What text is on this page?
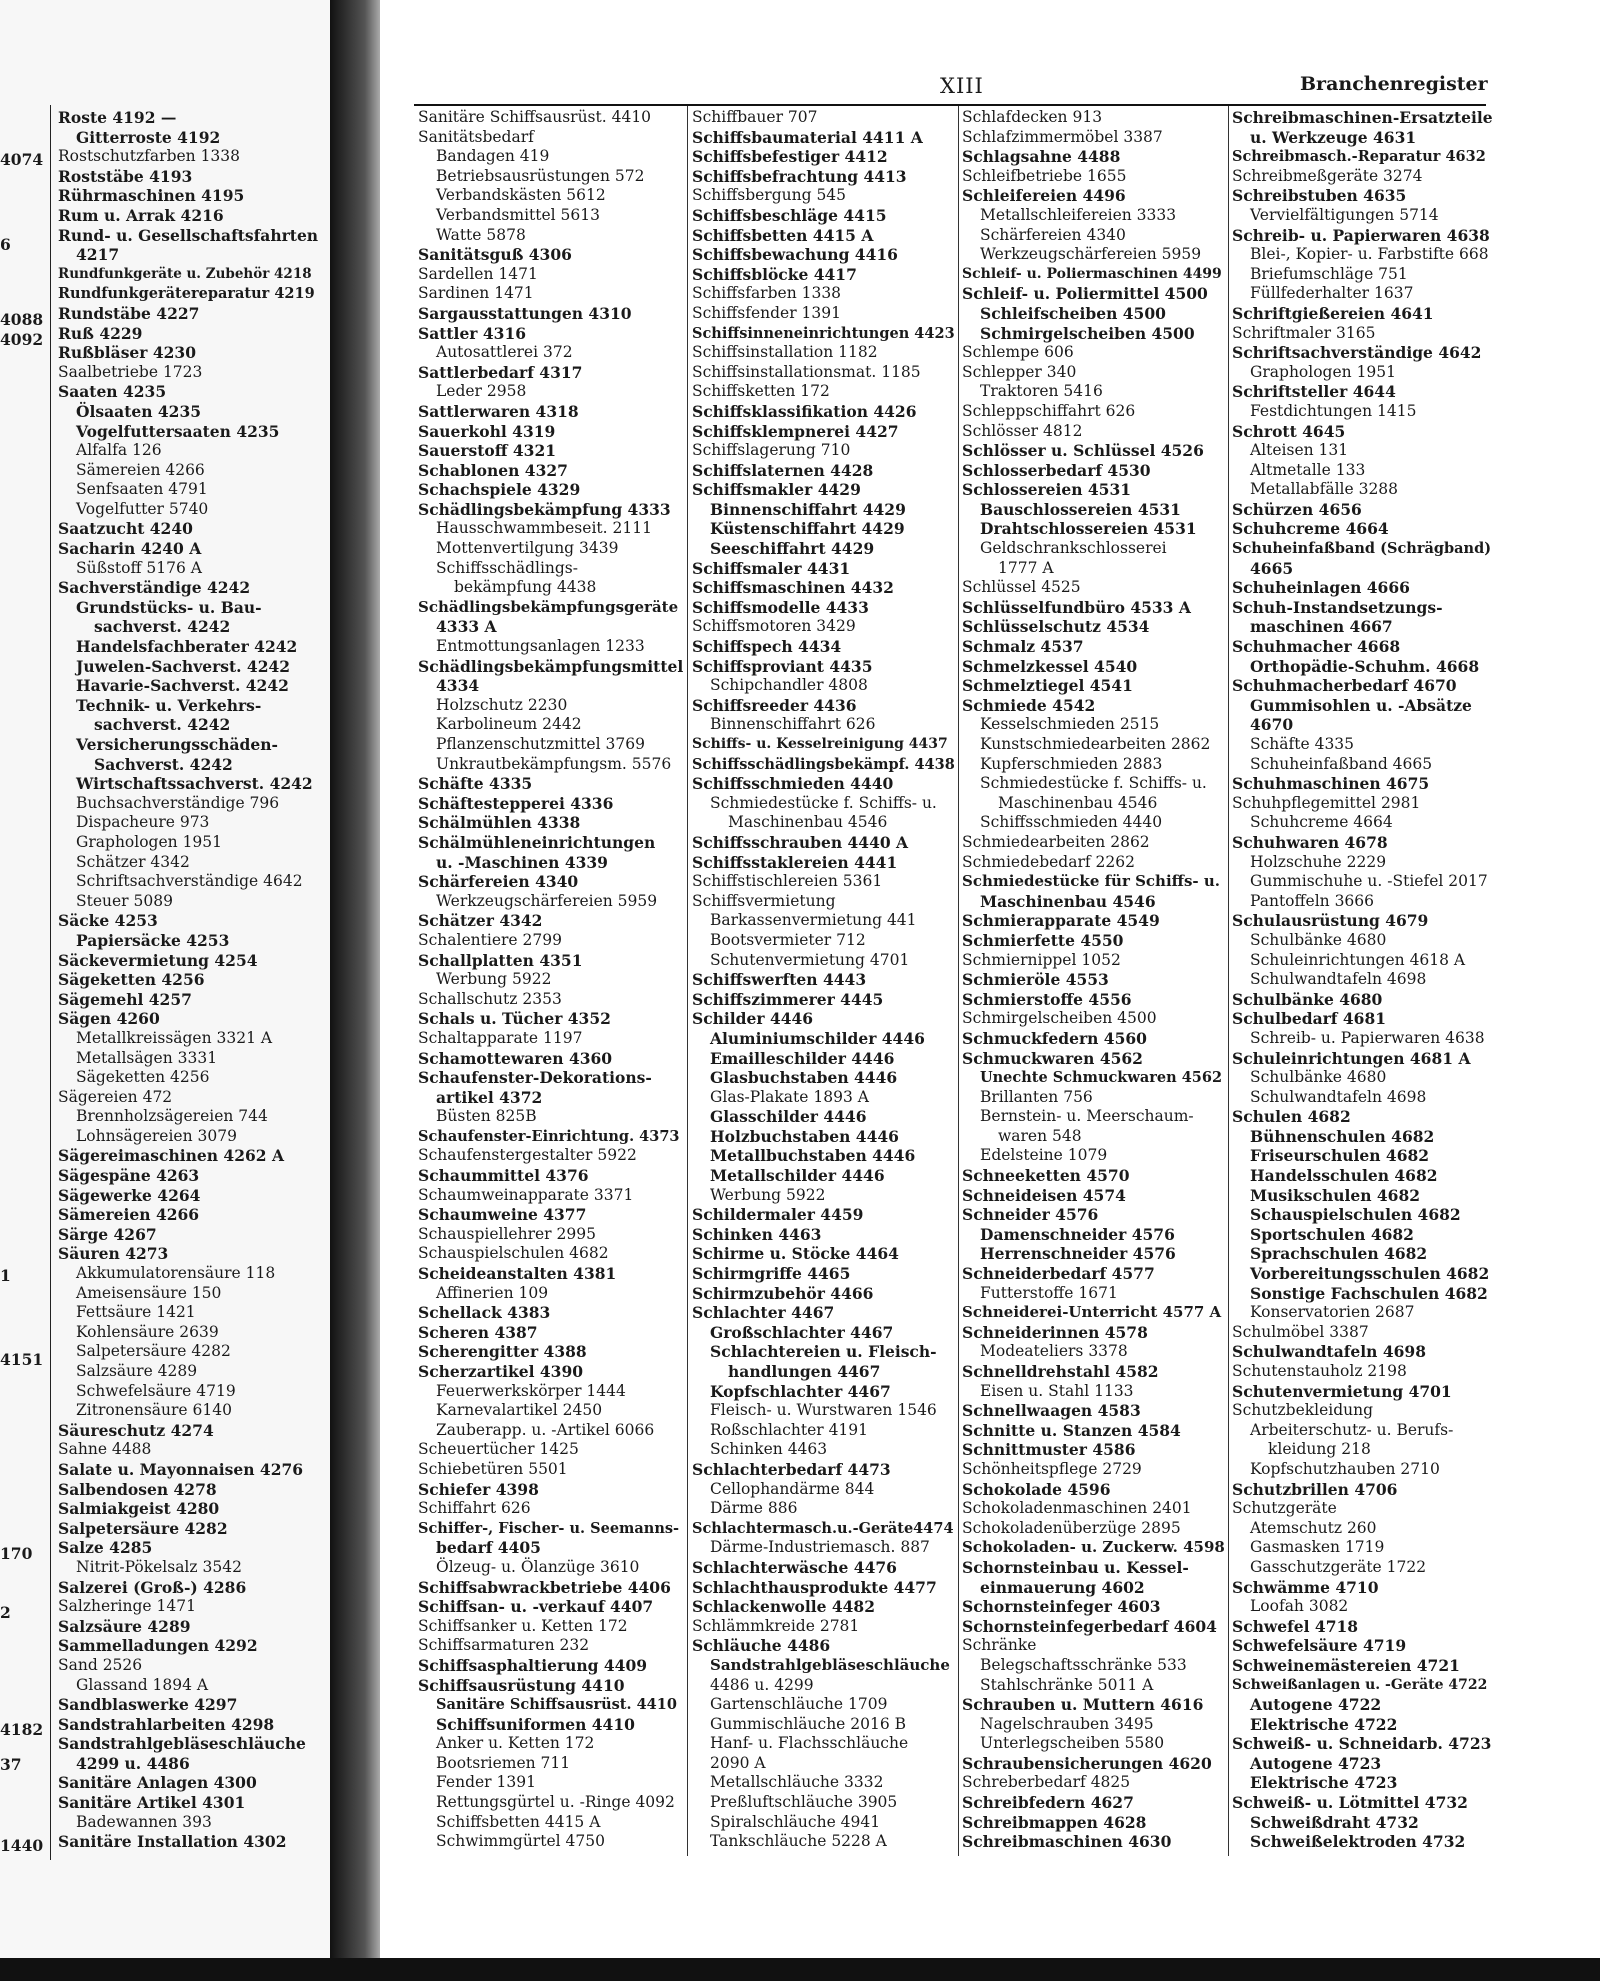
4074
6
4088
4092
1
4151
170
2
4182
37
1440
XIII	Branchenregister
Roste 4192 —
Gitterroste 4192
Rostschutzfarben 1338
Roststäbe 4193
Rührmaschinen 4195
Rum u. Arrak 4216
Rund- u. Gesellschaftsfahrten
4217
Rundfunkgeräte u. Zubehör 4218
Rundfunkgerätereparatur 4219
Rundstäbe 4227
Ruß 4229
Rußbläser 4230
Saalbetriebe 1723
Saaten 4235
Ölsaaten 4235
Vogelfuttersaaten 4235
Alfalfa 126
Sämereien 4266
Senfsaaten 4791
Vogelfutter 5740
Saatzucht 4240
Sacharin 4240 A
Süßstoff 5176 A
Sachverständige 4242
Grundstücks- u. Bau-
sachverst. 4242
Handelsfachberater 4242
Juwelen-Sachverst. 4242
Havarie-Sachverst. 4242
Technik- u. Verkehrs-
sachverst. 4242
Versicherungsschäden-
Sachverst. 4242
Wirtschaftssachverst. 4242
Buchsachverständige 796
Dispacheure 973
Graphologen 1951
Schätzer 4342
Schriftsachverständige 4642
Steuer 5089
Säcke 4253
Papiersäcke 4253
Säckevermietung 4254
Sägeketten 4256
Sägemehl 4257
Sägen 4260
Metallkreissägen 3321 A
Metallsägen 3331
Sägeketten 4256
Sägereien 472
Brennholzsägereien 744
Lohnsägereien 3079
Sägereimaschinen 4262 A
Sägespäne 4263
Sägewerke 4264
Sämereien 4266
Särge 4267
Säuren 4273
Akkumulatorensäure 118
Ameisensäure 150
Fettsäure 1421
Kohlensäure 2639
Salpetersäure 4282
Salzsäure 4289
Schwefelsäure 4719
Zitronensäure 6140
Säureschutz 4274
Sahne 4488
Salate u. Mayonnaisen 4276
Salbendosen 4278
Salmiakgeist 4280
Salpetersäure 4282
Salze 4285
Nitrit-Pökelsalz 3542
Salzerei (Groß-) 4286
Salzheringe 1471
Salzsäure 4289
Sammelladungen 4292
Sand 2526
Glassand 1894 A
Sandblaswerke 4297
Sandstrahlarbeiten 4298
Sandstrahlgebläseschläuche
4299 u. 4486
Sanitäre Anlagen 4300
Sanitäre Artikel 4301
Badewannen 393
Sanitäre Installation 4302
Sanitäre Schiffsausrüst. 4410
Sanitätsbedarf
Bandagen 419
Betriebsausrüstungen 572
Verbandskästen 5612
Verbandsmittel 5613
Watte 5878
Sanitätsguß 4306
Sardellen 1471
Sardinen 1471
Sargausstattungen 4310
Sattler 4316
Autosattlerei 372
Sattlerbedarf 4317
Leder 2958
Sattlerwaren 4318
Sauerkohl 4319
Sauerstoff 4321
Schablonen 4327
Schachspiele 4329
Schädlingsbekämpfung 4333
Hausschwammbeseit. 2111
Mottenvertilgung 3439
Schiffsschädlings-
bekämpfung 4438
Schädlingsbekämpfungsgeräte
4333 A
Entmottungsanlagen 1233
Schädlingsbekämpfungsmittel
4334
Holzschutz 2230
Karbolineum 2442
Pflanzenschutzmittel 3769
Unkrautbekämpfungsm. 5576
Schäfte 4335
Schäftestepperei 4336
Schälmühlen 4338
Schälmühleneinrichtungen
u. -Maschinen 4339
Schärfereien 4340
Werkzeugschärfereien 5959
Schätzer 4342
Schalentiere 2799
Schallplatten 4351
Werbung 5922
Schallschutz 2353
Schals u. Tücher 4352
Schaltapparate 1197
Schamottewaren 4360
Schaufenster-Dekorations-
artikel 4372
Büsten 825B
Schaufenster-Einrichtung. 4373
Schaufenstergestalter 5922
Schaummittel 4376
Schaumweinapparate 3371
Schaumweine 4377
Schauspiellehrer 2995
Schauspielschulen 4682
Scheideanstalten 4381
Affinerien 109
Schellack 4383
Scheren 4387
Scherengitter 4388
Scherzartikel 4390
Feuerwerkskörper 1444
Karnevalartikel 2450
Zauberapp. u. -Artikel 6066
Scheuertücher 1425
Schiebetüren 5501
Schiefer 4398
Schiffahrt 626
Schiffer-, Fischer- u. Seemanns-
bedarf 4405
Ölzeug- u. Ölanzüge 3610
Schiffsabwrackbetriebe 4406
Schiffsan- u. -verkauf 4407
Schiffsanker u. Ketten 172
Schiffsarmaturen 232
Schiffsasphaltierung 4409
Schiffsausrüstung 4410
Sanitäre Schiffsausrüst. 4410
Schiffsuniformen 4410
Anker u. Ketten 172
Bootsriemen 711
Fender 1391
Rettungsgürtel u. -Ringe 4092
Schiffsbetten 4415 A
Schwimmgürtel 4750
Schiffbauer 707
Schiffsbaumaterial 4411 A
Schiffsbefestiger 4412
Schiffsbefrachtung 4413
Schiffsbergung 545
Schiffsbeschläge 4415
Schiffsbetten 4415 A
Schiffsbewachung 4416
Schiffsblöcke 4417
Schiffsfarben 1338
Schiffsfender 1391
Schiffsinneneinrichtungen 4423
Schiffsinstallation 1182
Schiffsinstallationsmat. 1185
Schiffsketten 172
Schiffsklassifikation 4426
Schiffsklempnerei 4427
Schiffslagerung 710
Schiffslaternen 4428
Schiffsmakler 4429
Binnenschiffahrt 4429
Küstenschiffahrt 4429
Seeschiffahrt 4429
Schiffsmaler 4431
Schiffsmaschinen 4432
Schiffsmodelle 4433
Schiffsmotoren 3429
Schiffspech 4434
Schiffsproviant 4435
Schipchandler 4808
Schiffsreeder 4436
Binnenschiffahrt 626
Schiffs- u. Kesselreinigung 4437
Schiffsschädlingsbekämpf. 4438
Schiffsschmieden 4440
Schmiedestücke f. Schiffs- u.
Maschinenbau 4546
Schiffsschrauben 4440 A
Schiffsstaklereien 4441
Schiffstischlereien 5361
Schiffsvermietung
Barkassenvermietung 441
Bootsvermieter 712
Schutenvermietung 4701
Schiffswerften 4443
Schiffszimmerer 4445
Schilder 4446
Aluminiumschilder 4446
Emailleschilder 4446
Glasbuchstaben 4446
Glas-Plakate 1893 A
Glasschilder 4446
Holzbuchstaben 4446
Metallbuchstaben 4446
Metallschilder 4446
Werbung 5922
Schildermaler 4459
Schinken 4463
Schirme u. Stöcke 4464
Schirmgriffe 4465
Schirmzubehör 4466
Schlachter 4467
Großschlachter 4467
Schlachtereien u. Fleisch-
handlungen 4467
Kopfschlachter 4467
Fleisch- u. Wurstwaren 1546
Roßschlachter 4191
Schinken 4463
Schlachterbedarf 4473
Cellophandärme 844
Därme 886
Schlachtermasch.u.-Geräte4474
Därme-Industriemasch. 887
Schlachterwäsche 4476
Schlachthausprodukte 4477
Schlackenwolle 4482
Schlämmkreide 2781
Schläuche 4486
Sandstrahlgebläseschläuche
4486 u. 4299
Gartenschläuche 1709
Gummischläuche 2016 B
Hanf- u. Flachsschläuche
2090 A
Metallschläuche 3332
Preßluftschläuche 3905
Spiralschläuche 4941
Tankschläuche 5228 A
Schlafdecken 913
Schlafzimmermöbel 3387
Schlagsahne 4488
Schleifbetriebe 1655
Schleifereien 4496
Metallschleifereien 3333
Schärfereien 4340
Werkzeugschärfereien 5959
Schleif- u. Poliermaschinen 4499
Schleif- u. Poliermittel 4500
Schleifscheiben 4500
Schmirgelscheiben 4500
Schlempe 606
Schlepper 340
Traktoren 5416
Schleppschiffahrt 626
Schlösser 4812
Schlösser u. Schlüssel 4526
Schlosserbedarf 4530
Schlossereien 4531
Bauschlossereien 4531
Drahtschlossereien 4531
Geldschrankschlosserei
1777 A
Schlüssel 4525
Schlüsselfundbüro 4533 A
Schlüsselschutz 4534
Schmalz 4537
Schmelzkessel 4540
Schmelztiegel 4541
Schmiede 4542
Kesselschmieden 2515
Kunstschmiedearbeiten 2862
Kupferschmieden 2883
Schmiedestücke f. Schiffs- u.
Maschinenbau 4546
Schiffsschmieden 4440
Schmiedearbeiten 2862
Schmiedebedarf 2262
Schmiedestücke für Schiffs- u.
Maschinenbau 4546
Schmierapparate 4549
Schmierfette 4550
Schmiernippel 1052
Schmieröle 4553
Schmierstoffe 4556
Schmirgelscheiben 4500
Schmuckfedern 4560
Schmuckwaren 4562
Unechte Schmuckwaren 4562
Brillanten 756
Bernstein- u. Meerschaum-
waren 548
Edelsteine 1079
Schneeketten 4570
Schneideisen 4574
Schneider 4576
Damenschneider 4576
Herrenschneider 4576
Schneiderbedarf 4577
Futterstoffe 1671
Schneiderei-Unterricht 4577 A
Schneiderinnen 4578
Modeateliers 3378
Schnelldrehstahl 4582
Eisen u. Stahl 1133
Schnellwaagen 4583
Schnitte u. Stanzen 4584
Schnittmuster 4586
Schönheitspflege 2729
Schokolade 4596
Schokoladenmaschinen 2401
Schokoladenüberzüge 2895
Schokoladen- u. Zuckerw. 4598
Schornsteinbau u. Kessel-
einmauerung 4602
Schornsteinfeger 4603
Schornsteinfegerbedarf 4604
Schränke
Belegschaftsschränke 533
Stahlschränke 5011 A
Schrauben u. Muttern 4616
Nagelschrauben 3495
Unterlegscheiben 5580
Schraubensicherungen 4620
Schreberbedarf 4825
Schreibfedern 4627
Schreibmappen 4628
Schreibmaschinen 4630
Schreibmaschinen-Ersatzteile
u. Werkzeuge 4631
Schreibmasch.-Reparatur 4632
Schreibmeßgeräte 3274
Schreibstuben 4635
Vervielfältigungen 5714
Schreib- u. Papierwaren 4638
Blei-, Kopier- u. Farbstifte 668
Briefumschläge 751
Füllfederhalter 1637
Schriftgießereien 4641
Schriftmaler 3165
Schriftsachverständige 4642
Graphologen 1951
Schriftsteller 4644
Festdichtungen 1415
Schrott 4645
Alteisen 131
Altmetalle 133
Metallabfälle 3288
Schürzen 4656
Schuhcreme 4664
Schuheinfaßband (Schrägband)
4665
Schuheinlagen 4666
Schuh-Instandsetzungs-
maschinen 4667
Schuhmacher 4668
Orthopädie-Schuhm. 4668
Schuhmacherbedarf 4670
Gummisohlen u. -Absätze
4670
Schäfte 4335
Schuheinfaßband 4665
Schuhmaschinen 4675
Schuhpflegemittel 2981
Schuhcreme 4664
Schuhwaren 4678
Holzschuhe 2229
Gummischuhe u. -Stiefel 2017
Pantoffeln 3666
Schulausrüstung 4679
Schulbänke 4680
Schuleinrichtungen 4618 A
Schulwandtafeln 4698
Schulbänke 4680
Schulbedarf 4681
Schreib- u. Papierwaren 4638
Schuleinrichtungen 4681 A
Schulbänke 4680
Schulwandtafeln 4698
Schulen 4682
Bühnenschulen 4682
Friseurschulen 4682
Handelsschulen 4682
Musikschulen 4682
Schauspielschulen 4682
Sportschulen 4682
Sprachschulen 4682
Vorbereitungsschulen 4682
Sonstige Fachschulen 4682
Konservatorien 2687
Schulmöbel 3387
Schulwandtafeln 4698
Schutenstauholz 2198
Schutenvermietung 4701
Schutzbekleidung
Arbeiterschutz- u. Berufs-
kleidung 218
Kopfschutzhauben 2710
Schutzbrillen 4706
Schutzgeräte
Atemschutz 260
Gasmasken 1719
Gasschutzgeräte 1722
Schwämme 4710
Loofah 3082
Schwefel 4718
Schwefelsäure 4719
Schweinemästereien 4721
Schweißanlagen u. -Geräte 4722
Autogene 4722
Elektrische 4722
Schweiß- u. Schneidarb. 4723
Autogene 4723
Elektrische 4723
Schweiß- u. Lötmittel 4732
Schweißdraht 4732
Schweißelektroden 4732
